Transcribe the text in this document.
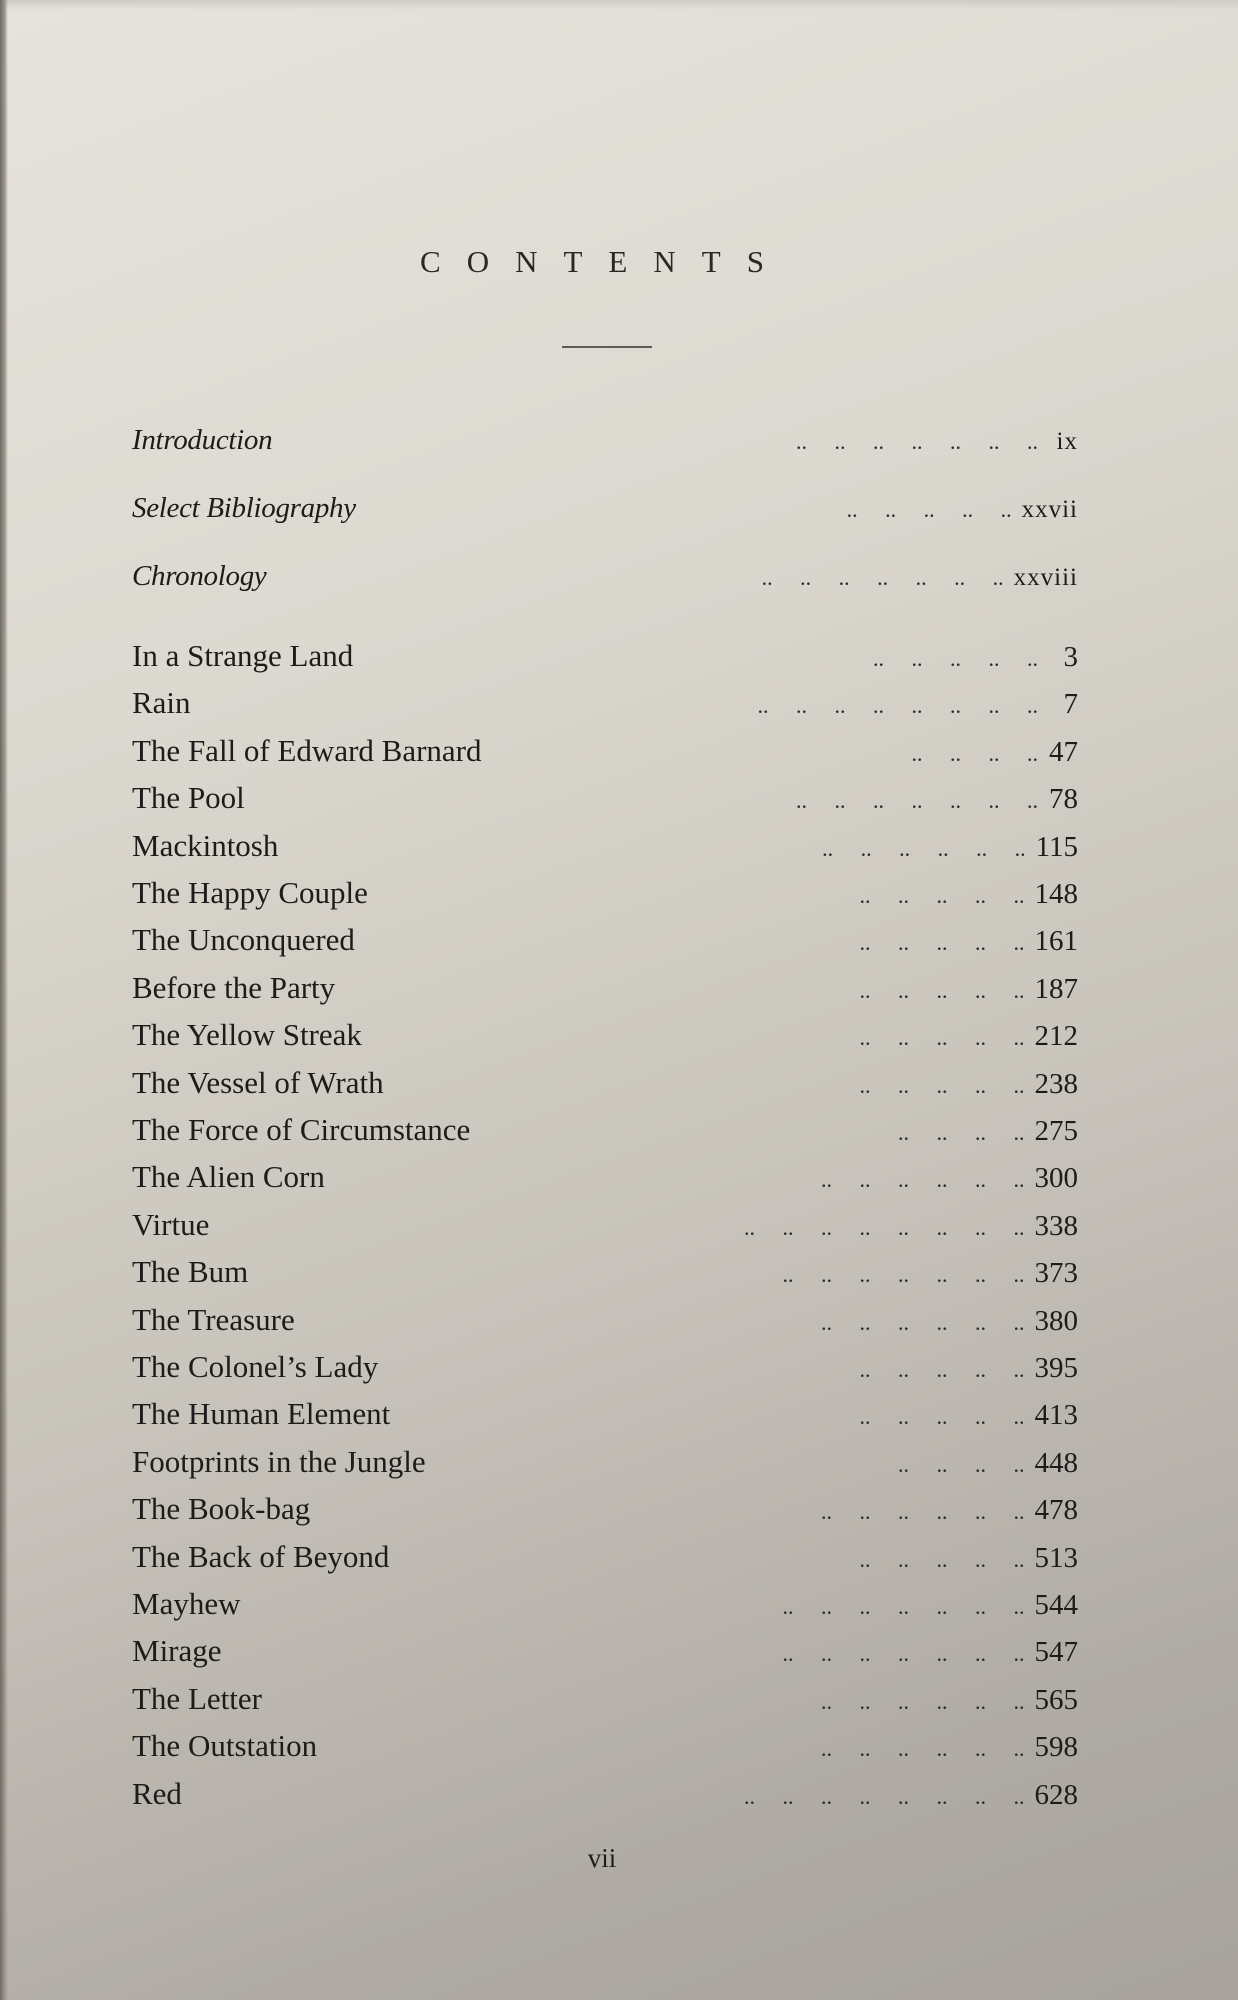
CONTENTS
Introduction	..     ..     ..     ..     ..     ..     .. ix
Select Bibliography	..     ..     ..     ..     .. xxvii
Chronology	..     ..     ..     ..     ..     ..     .. xxviii
In a Strange Land	..     ..     ..     ..     .. 3
Rain	..     ..     ..     ..     ..     ..     ..     .. 7
The Fall of Edward Barnard	..     ..     ..     .. 47
The Pool	..     ..     ..     ..     ..     ..     .. 78
Mackintosh	..     ..     ..     ..     ..     .. 115
The Happy Couple	..     ..     ..     ..     .. 148
The Unconquered	..     ..     ..     ..     .. 161
Before the Party	..     ..     ..     ..     .. 187
The Yellow Streak	..     ..     ..     ..     .. 212
The Vessel of Wrath	..     ..     ..     ..     .. 238
The Force of Circumstance	..     ..     ..     .. 275
The Alien Corn	..     ..     ..     ..     ..     .. 300
Virtue	..     ..     ..     ..     ..     ..     ..     .. 338
The Bum	..     ..     ..     ..     ..     ..     .. 373
The Treasure	..     ..     ..     ..     ..     .. 380
The Colonel’s Lady	..     ..     ..     ..     .. 395
The Human Element	..     ..     ..     ..     .. 413
Footprints in the Jungle	..     ..     ..     .. 448
The Book-bag	..     ..     ..     ..     ..     .. 478
The Back of Beyond	..     ..     ..     ..     .. 513
Mayhew	..     ..     ..     ..     ..     ..     .. 544
Mirage	..     ..     ..     ..     ..     ..     .. 547
The Letter	..     ..     ..     ..     ..     .. 565
The Outstation	..     ..     ..     ..     ..     .. 598
Red	..     ..     ..     ..     ..     ..     ..     .. 628
vii
